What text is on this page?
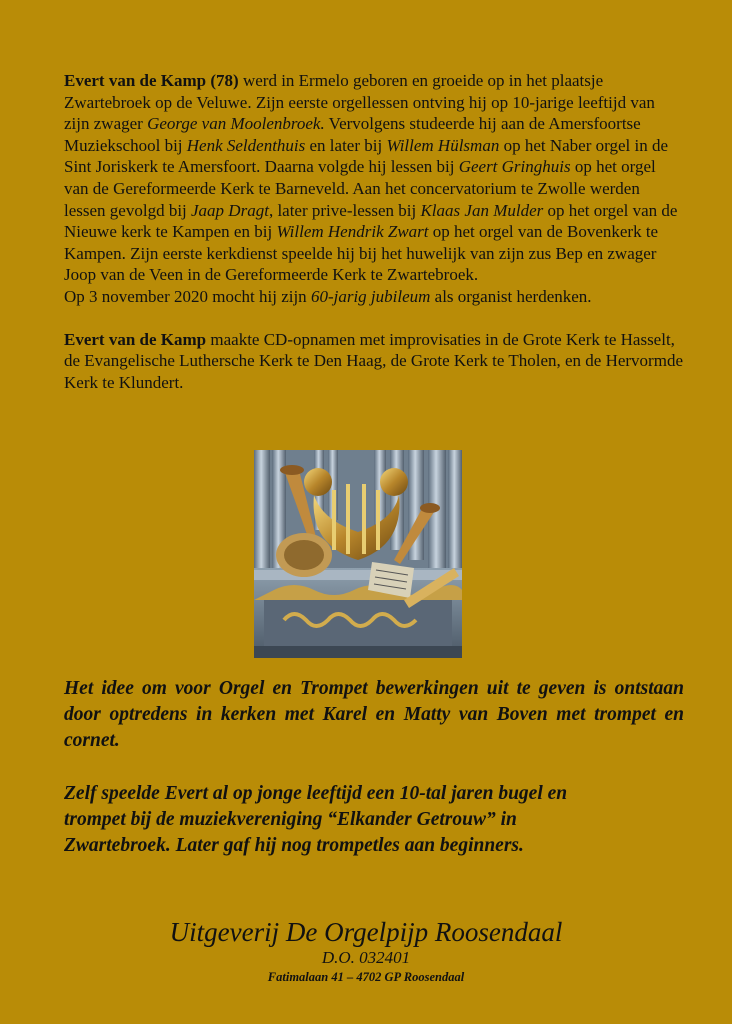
Evert van de Kamp (78) werd in Ermelo geboren en groeide op in het plaatsje Zwartebroek op de Veluwe. Zijn eerste orgellessen ontving hij op 10-jarige leeftijd van zijn zwager George van Moolenbroek. Vervolgens studeerde hij aan de Amersfoortse Muziekschool bij Henk Seldenthuis en later bij Willem Hülsman op het Naber orgel in de Sint Joriskerk te Amersfoort. Daarna volgde hij lessen bij Geert Gringhuis op het orgel van de Gereformeerde Kerk te Barneveld. Aan het concervatorium te Zwolle werden lessen gevolgd bij Jaap Dragt, later prive-lessen bij Klaas Jan Mulder op het orgel van de Nieuwe kerk te Kampen en bij Willem Hendrik Zwart op het orgel van de Bovenkerk te Kampen. Zijn eerste kerkdienst speelde hij bij het huwelijk van zijn zus Bep en zwager Joop van de Veen in de Gereformeerde Kerk te Zwartebroek.
Op 3 november 2020 mocht hij zijn 60-jarig jubileum als organist herdenken.

Evert van de Kamp maakte CD-opnamen met improvisaties in de Grote Kerk te Hasselt, de Evangelische Luthersche Kerk te Den Haag, de Grote Kerk te Tholen, en de Hervormde Kerk te Klundert.

Het idee om voor Orgel en Trompet bewerkingen uit te geven is ontstaan door optredens in kerken met Karel en Matty van Boven met trompet en cornet.

Zelf speelde Evert al op jonge leeftijd een 10-tal jaren bugel en
trompet bij de muziekvereniging “Elkander Getrouw” in
Zwartebroek. Later gaf hij nog trompetles aan beginners.

Uitgeverij De Orgelpijp Roosendaal
D.O. 032401
Fatimalaan 41 – 4702 GP Roosendaal
